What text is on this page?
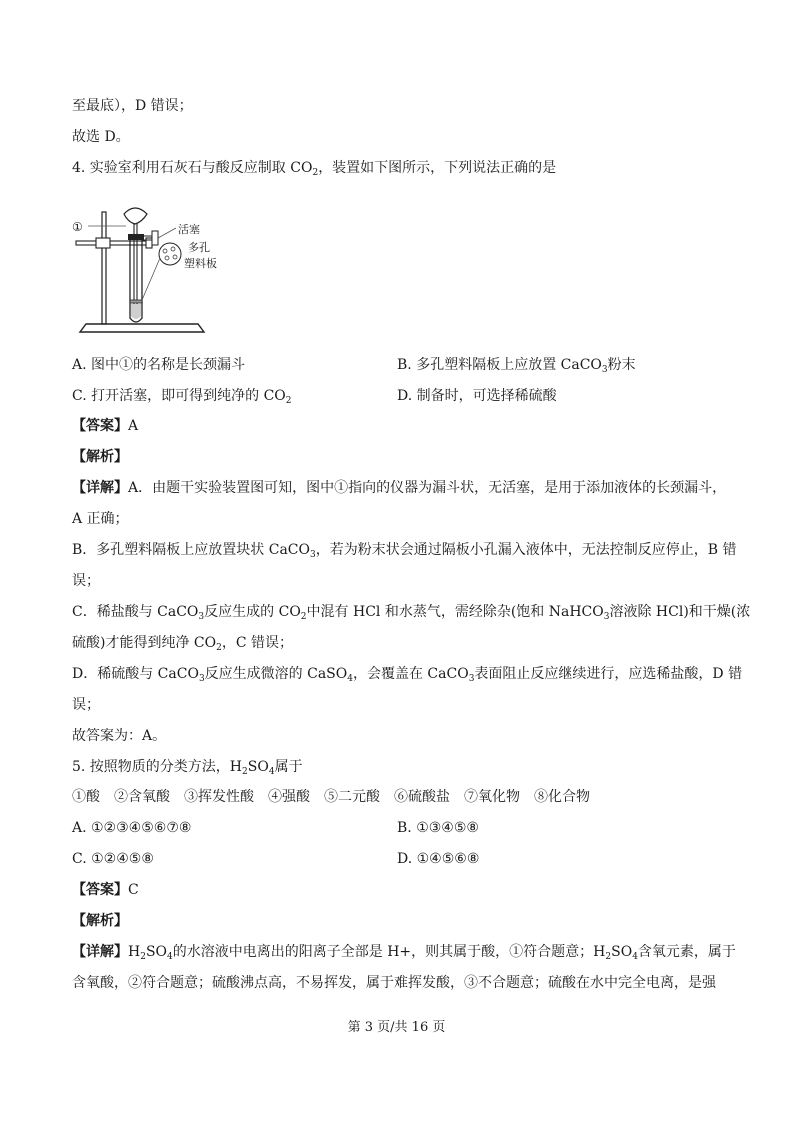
至最底），D 错误；
故选 D。
4. 实验室利用石灰石与酸反应制取 $CO_2$，装置如下图所示，下列说法正确的是
①	活塞
多孔
塑料板
A. 图中①的名称是长颈漏斗	B. 多孔塑料隔板上应放置 CaCO$_3$粉末
C. 打开活塞，即可得到纯净的 $CO_2$	D. 制备时，可选择稀硫酸
【答案】A
【解析】
【详解】A．由题干实验装置图可知，图中①指向的仪器为漏斗状，无活塞，是用于添加液体的长颈漏斗，
A 正确；
B．多孔塑料隔板上应放置块状 CaCO$_3$，若为粉末状会通过隔板小孔漏入液体中，无法控制反应停止，B 错
误；
C．稀盐酸与 CaCO$_3$反应生成的 $CO_2$中混有 HCl 和水蒸气，需经除杂(饱和 NaHCO$_3$溶液除 HCl)和干燥(浓
硫酸)才能得到纯净 $CO_2$，C 错误；
D．稀硫酸与 CaCO$_3$反应生成微溶的 CaSO$_4$，会覆盖在 CaCO$_3$表面阻止反应继续进行，应选稀盐酸，D 错
误；
故答案为：A。
5. 按照物质的分类方法，$H_2SO_4$属于
①酸　②含氧酸　③挥发性酸　④强酸　⑤二元酸　⑥硫酸盐　⑦氧化物　⑧化合物
A. ①②③④⑤⑥⑦⑧	B. ①③④⑤⑧
C. ①②④⑤⑧	D. ①④⑤⑥⑧
【答案】C
【解析】
【详解】$H_2SO_4$的水溶液中电离出的阳离子全部是 H+，则其属于酸，①符合题意；$H_2SO_4$含氧元素，属于
含氧酸，②符合题意；硫酸沸点高，不易挥发，属于难挥发酸，③不合题意；硫酸在水中完全电离，是强
第 3 页/共 16 页
